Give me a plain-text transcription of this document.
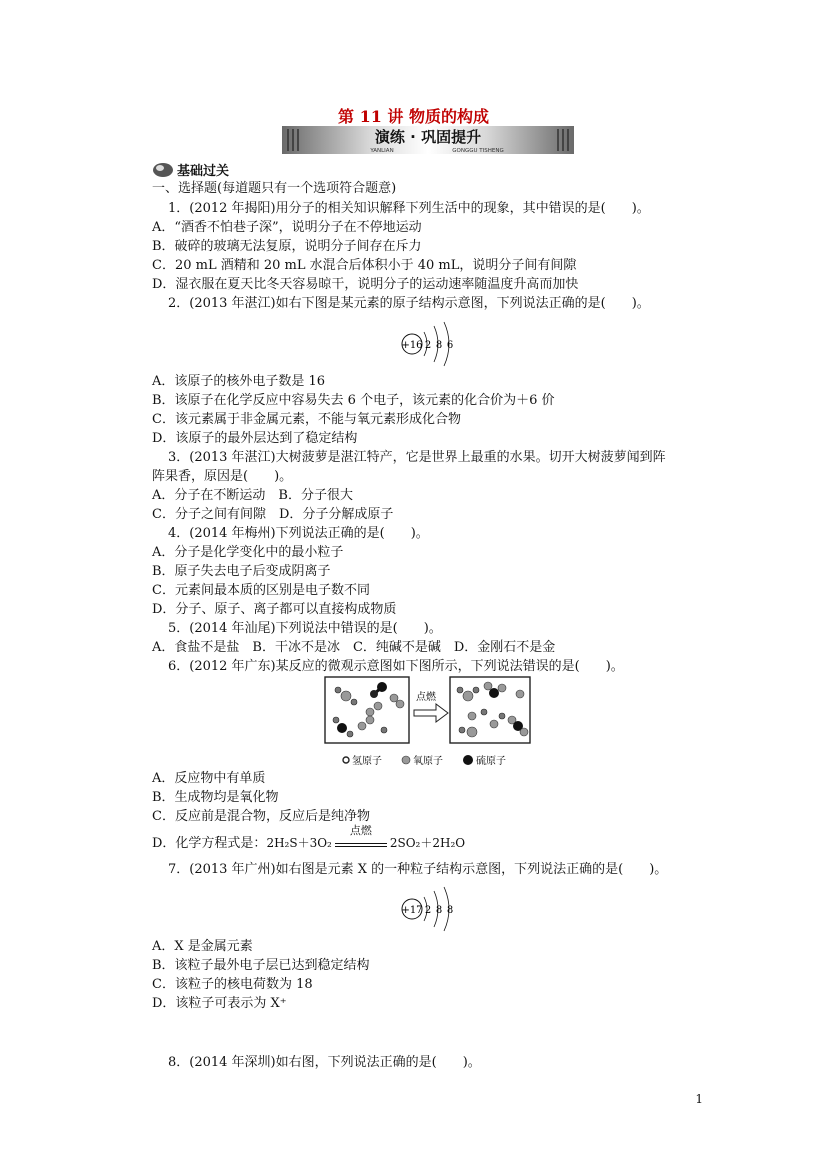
第 11 讲 物质的构成
演练 · 巩固提升
YANLIAN	GONGGU TISHENG
基础过关
一、选择题(每道题只有一个选项符合题意)
1．(2012 年揭阳)用分子的相关知识解释下列生活中的现象，其中错误的是(　　)。
A．“酒香不怕巷子深”，说明分子在不停地运动
B．破碎的玻璃无法复原，说明分子间存在斥力
C．20 mL 酒精和 20 mL 水混合后体积小于 40 mL，说明分子间有间隙
D．湿衣服在夏天比冬天容易晾干，说明分子的运动速率随温度升高而加快
2．(2013 年湛江)如右下图是某元素的原子结构示意图，下列说法正确的是(　　)。
+16 2 8 6
A．该原子的核外电子数是 16
B．该原子在化学反应中容易失去 6 个电子，该元素的化合价为＋6 价
C．该元素属于非金属元素，不能与氧元素形成化合物
D．该原子的最外层达到了稳定结构
3．(2013 年湛江)大树菠萝是湛江特产，它是世界上最重的水果。切开大树菠萝闻到阵
阵果香，原因是(　　)。
A．分子在不断运动　B．分子很大
C．分子之间有间隙　D．分子分解成原子
4．(2014 年梅州)下列说法正确的是(　　)。
A．分子是化学变化中的最小粒子
B．原子失去电子后变成阴离子
C．元素间最本质的区别是电子数不同
D．分子、原子、离子都可以直接构成物质
5．(2014 年汕尾)下列说法中错误的是(　　)。
A．食盐不是盐　B．干冰不是冰　C．纯碱不是碱　D．金刚石不是金
6．(2012 年广东)某反应的微观示意图如下图所示，下列说法错误的是(　　)。
点燃
氢原子	氧原子	硫原子
A．反应物中有单质
B．生成物均是氧化物
C．反应前是混合物，反应后是纯净物
D．化学方程式是：2H₂S＋3O₂
点燃
2SO₂＋2H₂O
7．(2013 年广州)如右图是元素 X 的一种粒子结构示意图，下列说法正确的是(　　)。
+17 2 8 8
A．X 是金属元素
B．该粒子最外电子层已达到稳定结构
C．该粒子的核电荷数为 18
D．该粒子可表示为 X⁺
8．(2014 年深圳)如右图，下列说法正确的是(　　)。
1
